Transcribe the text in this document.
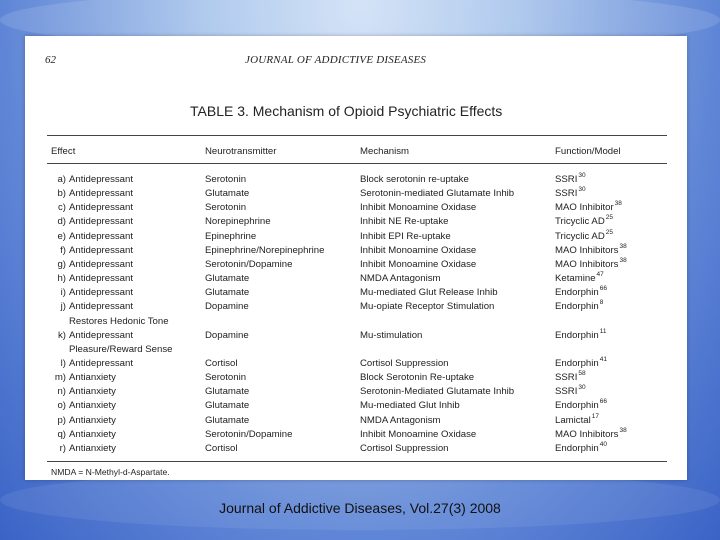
62	JOURNAL OF ADDICTIVE DISEASES
TABLE 3. Mechanism of Opioid Psychiatric Effects
Effect	Neurotransmitter	Mechanism	Function/Model
a) Antidepressant	Serotonin	Block serotonin re-uptake	SSRI$^{30}$
b) Antidepressant	Glutamate	Serotonin-mediated Glutamate Inhib	SSRI$^{30}$
c) Antidepressant	Serotonin	Inhibit Monoamine Oxidase	MAO Inhibitor$^{38}$
d) Antidepressant	Norepinephrine	Inhibit NE Re-uptake	Tricyclic AD$^{25}$
e) Antidepressant	Epinephrine	Inhibit EPI Re-uptake	Tricyclic AD$^{25}$
f) Antidepressant	Epinephrine/Norepinephrine	Inhibit Monoamine Oxidase	MAO Inhibitors$^{38}$
g) Antidepressant	Serotonin/Dopamine	Inhibit Monoamine Oxidase	MAO Inhibitors$^{38}$
h) Antidepressant	Glutamate	NMDA Antagonism	Ketamine$^{47}$
i) Antidepressant	Glutamate	Mu-mediated Glut Release Inhib	Endorphin$^{66}$
j) Antidepressant	Dopamine	Mu-opiate Receptor Stimulation	Endorphin$^8$
Restores Hedonic Tone
k) Antidepressant	Dopamine	Mu-stimulation	Endorphin$^{11}$
Pleasure/Reward Sense
l) Antidepressant	Cortisol	Cortisol Suppression	Endorphin$^{41}$
m) Antianxiety	Serotonin	Block Serotonin Re-uptake	SSRI$^{58}$
n) Antianxiety	Glutamate	Serotonin-Mediated Glutamate Inhib	SSRI$^{30}$
o) Antianxiety	Glutamate	Mu-mediated Glut Inhib	Endorphin$^{66}$
p) Antianxiety	Glutamate	NMDA Antagonism	Lamictal$^{17}$
q) Antianxiety	Serotonin/Dopamine	Inhibit Monoamine Oxidase	MAO Inhibitors$^{38}$
r) Antianxiety	Cortisol	Cortisol Suppression	Endorphin$^{40}$
NMDA = N-Methyl-d-Aspartate.
Journal of Addictive Diseases, Vol.27(3) 2008
